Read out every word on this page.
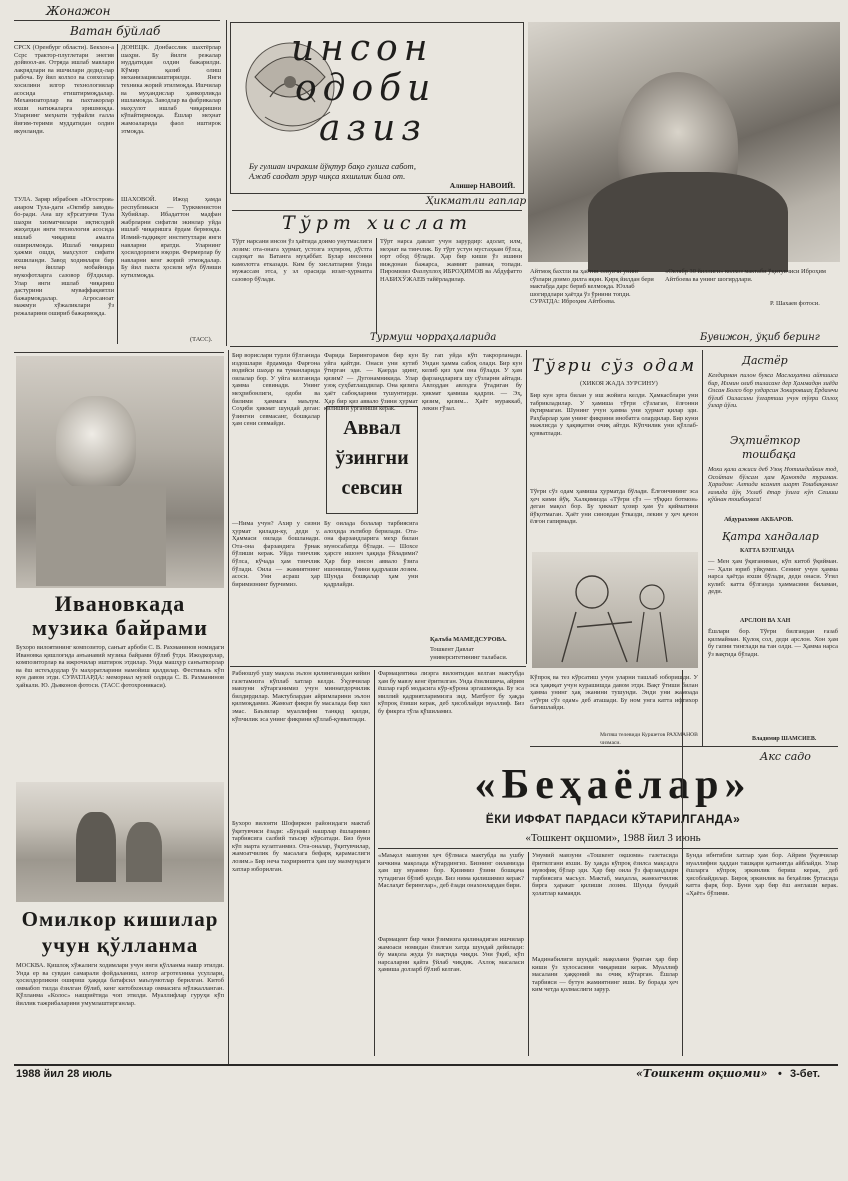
Жонажон
Ватан бўйлаб
СРСХ (Оренбург области). Бекхон-а Ссрс трактор-плуглетари энегив дойвоол-ан. Отряда ишлаб мавлари лакрядлари ва ишчилари дедид-лар рабоча. Бу йил колхоз ва совхозлар хосилини илгор технологиялар асосида етиштирмоқдалар. Механизаторлар ва пахтакорлар яхши натижаларга эришмоқда. Уларнинг меҳнати туфайли ғалла йиғим-терими муддатидан олдин якунланди.
ТУЛА. Заряр ибрабоев «Югостроя» аиаром Тула-даги «Октябр заводи» бо-ради. Ана шу кўрсатувчи Тула шаҳри хизматчилари иқтисодий жиҳатдан янги технология асосида ишлаб чиқариш амалга оширилмоқда. Ишлаб чиқариш ҳажми ошди, маҳсулот сифати яхшиланди. Завод ходимлари бир неча йиллар мобайнида мукофотларга сазовор бўлдилар. Улар янги ишлаб чиқариш дастурини муваффақиятли бажармоқдалар. Агросаноат мажмуи хўжаликлари ўз режаларини ошириб бажармоқда.
ДОНЕЦК. Донбасслик шахтёрлар шаҳри. Бу йилги режалар муддатидан олдин бажарилди. Кўмир қазиб олиш механизациялаштирилди. Янги техника жорий этилмоқда. Ишчилар ва муҳандислар ҳамкорликда ишламоқда. Заводлар ва фабрикалар маҳсулот ишлаб чиқаришни кўпайтирмоқда. Ёшлар меҳнат жамоаларида фаол иштирок этмоқда.
ШАХОВОЙ. Ижод ҳамда республикаси — Туркменистон Хубийлар. Ибадаттон мадфан жабрларни сифатли экинлар уйда ишлаб чиқаришга ёрдам бермоқда. Илмий-тадқиқот институтлари янги навларни яратди. Уларнинг ҳосилдорлиги юқори. Фермерлар бу навларни кенг жорий этмоқдалар. Бу йил пахта ҳосили мўл бўлиши кутилмоқда.
(ТАСС).
инсон
одоби
азиз
Бу гулшан ичраким йўқтур бақо гулига сабот,
Ажаб саодат эрур чиқса яхшилик била от.
Алишер НАВОИЙ.
Ҳикматли гаплар
Тўрт хислат
Тўрт нарсани инсон ўз ҳаётида доимо унутмаслиги лозим: ота-онага ҳурмат, устозга эҳтиром, дўстга садоқат ва Ватанга муҳаббат. Булар инсонни камолотга етказади. Ким бу хислатларни ўзида мужассам этса, у эл орасида иззат-ҳурматга сазовор бўлади.
Тўрт нарса давлат учун зарурдир: адолат, илм, меҳнат ва тинчлик. Бу тўрт устун мустаҳкам бўлса, юрт обод бўлади. Ҳар бир киши ўз ишини виждонан бажарса, жамият равнақ топади. Пиромизиз Фазлуллоҳ ИБРОҲИМОВ ва Абдуфатто НАБИХЎЖАЕВ тайёрладилар.
Турмуш чорраҳаларида
Айтмоқ бахтли ва ҳаётни севувчи унинг сўзлари доимо дилга яқин. Қирқ йилдан бери мактабда дарс бериб келмоқда. Юзлаб шогирдлари ҳаётда ўз ўрнини топди. СУРАТДА: Иброҳим Айтбоева.
«Октябр 30 йиллиги» колхоз мактаби ўқитувчиси Иброҳим Айтбоева ва унинг шогирдлари.
Р. Шахаев фотоси.
Бувижон, ўқиб беринг
Ивановкада
музика байрами
Бухоро вилоятининг композитор, санъат арбоби С. В. Рахманинов номидаги Ивановка қишлоғида анъанавий музика байрами бўлиб ўтди. Ижодкорлар, композиторлар ва ижрочилар иштирок этдилар. Унда машҳур санъаткорлар ва ёш истеъдодлар ўз маҳоратларини намойиш қилдилар. Фестиваль кўп кун давом этди. СУРАТЛАРДА: мемориал музей олдида С. В. Рахманинов ҳайкали. Ю. Дьяконов фотоси. (ТАСС фотохроникаси).
Омилкор кишилар
учун қўлланма
МОСКВА. Қишлоқ хўжалиги ходимлари учун янги қўлланма нашр этилди. Унда ер ва сувдан самарали фойдаланиш, илғор агротехника усуллари, ҳосилдорликни ошириш ҳақида батафсил маълумотлар берилган. Китоб оммабоп тилда ёзилган бўлиб, кенг китобхонлар оммасига мўлжалланган. Қўлланма «Колос» нашриётида чоп этилди. Муаллифлар гуруҳи кўп йиллик тажрибаларини умумлаштирганлар.
Бир ворислари турли бўлганида издошлари ёрдамида Фарғона водийси шаҳар ва туманларида оилалар бор. У уйга келганида ҳамма севинади. Унинг меҳрибонлиги, одоби ва билими ҳаммага маълум. Соҳиби ҳикмат шундай деган: ўзингни севмасанг, бошқалар ҳам сени севмайди.
—Нима учун? Ахир у сизни ҳурмат қилади-ку, деди у. Ҳаммаси оилада бошланади. Ота-она фарзандига ўрнак бўлиши керак. Уйда тинчлик бўлса, кўчада ҳам тинчлик бўлади. Оила — жамиятнинг асоси. Уни асраш ҳар биримизнинг бурчимиз.
Аввал
ўзингни
севсин
Фарида Бирингорамов бир кун уйга қайтди. Онаси уни кутиб ўтирган эди. — Қаерда эдинг, қизим? — Дугонамникида. Улар узоқ суҳбатлашдилар. Она қизига ҳаёт сабоқларини тушунтирди. Ҳар бир қиз аввало ўзини ҳурмат қилишни ўрганиши керак.
Бу оилада болалар тарбиясига алоҳида эътибор берилади. Ота-она фарзандларига меҳр билан муносабатда бўлади. — Шохсе ҳарсге ишонч ҳақида ўйладими? Ҳар бир инсон аввало ўзига ишониши, ўзини қадрлаши лозим. Шунда бошқалар ҳам уни қадрлайди.
Бу гап уйда кўп такрорланади. Ундан ҳамма сабоқ олади. Бир кун келиб қиз ҳам она бўлади. У ҳам фарзандларига шу сўзларни айтади. Авлоддан авлодга ўтадиган бу ҳикмат ҳамиша қадрли. — Эҳ, қизим, қизим... Ҳаёт мураккаб, лекин гўзал.
Қалъба МАМЕДСУРОВА.
Тошкент Давлат университетининг талабаси.
Тўғри сўз одам
(ХИКОЯ ЖАДА ЗУРСИНУ)
Бир кун эрта билан у иш жойига келди. Ҳамкасблари уни табрикладилар. У ҳамиша тўғри сўзлаган, ёлғонни ёқтирмаган. Шунинг учун ҳамма уни ҳурмат қилар эди. Раҳбарлар ҳам унинг фикрини инобатга олардилар. Бир куни мажлисда у ҳақиқатни очиқ айтди. Кўпчилик уни қўллаб-қувватлади.
Тўғри сўз одам ҳамиша ҳурматда бўлади. Ёлғончининг эса ҳеч кими йўқ. Халқимизда «Тўғри сўз — тўққиз ботмон» деган мақол бор. Бу ҳикмат ҳозир ҳам ўз қийматини йўқотмаган. Ҳаёт уни синовдан ўтказди, лекин у ҳеч қачон ёлғон гапирмади.
Кўпроқ ва тез кўрсатиш учун уларни ташлаб юборишди. У эса ҳақиқат учун курашишда давом этди. Вақт ўтиши билан ҳамма унинг ҳақ эканини тушунди. Энди уни жамоада «тўғри сўз одам» деб аташади. Бу ном унга катта ифтихор бағишлайди.
Митяш телевиди Куршетов РАХМАНОВ чизмаси.
Дастёр
Келдирман пилон букса Маслаҳатни айтишса бир, Илмин олиб тиласанг дер Ҳаммадан зиёда Олсан Болсо бор уздарсин Зокировшаҳ Ёрдамчи бўлиб Оиласини ўзгартиш учун тўғри Оллоҳ ўзлар йўли.
Эҳтиёткор
тошбақа
Мохи қали ажиси деб Узоқ Нотишдайкин тод, Осойтан бўлсам ҳам Қанотда тураман. Ҳаридом: Алтида ксанит шарт Тошбақанинг ғамида йўқ Ухлаб ётар ўзига кўп Сешиш қўйнан тошбақаси!
Абдурахмон АКБАРОВ.
Қатра хандалар
КАТТА БУЛГАНДА
— Мен ҳам ўқиганиман, кўп китоб ўқийман. — Ҳали юриб уйқумиз. Сенинг учун ҳамма нарса ҳаётда яхши бўлади, деди онаси. Ўғил кулиб: катта бўлганда ҳаммасини биламан, деди.
АРСЛОН ВА ХАН
Ёшлари бор. Тўғри билгандан ғазаб қилмайман. Қулоқ сол, деди арслон. Хон ҳам бу гапни тинглади ва тан олди. — Ҳамма нарса ўз вақтида бўлади.
Владимир ШАМСИЕВ.
Рабиошуб ушу мақола эълон қилинганидан кейин газетамизга кўплаб хатлар келди. Ўқувчилар мавзуни кўтарганимиз учун миннатдорчилик билдирдилар. Мактублардан айримларини эълон қилмоқдамиз. Жамоат фикри бу масалада бир хил эмас. Баъзилар муаллифни танқид қилди, кўпчилик эса унинг фикрини қўллаб-қувватлади.
Бухоро вилояти Шофиркон районидаги мактаб ўқитувчиси ёзади: «Бундай нашрлар ёшларимиз тарбиясига салбий таъсир кўрсатади. Биз буни кўп марта кузатганмиз. Ота-оналар, ўқитувчилар, жамоатчилик бу масалага бефарқ қарамаслиги лозим.» Бир неча таҳририятга ҳам шу мазмундаги хатлар юборилган.
Фармацевтика лиэрга вилоятидан келган мактубда ҳам бу мавзу кенг ёритилган. Унда ёзилишича, айрим ёшлар ғарб модасига кўр-кўрона эргашмоқда. Бу эса миллий қадриятларимизга зид. Матбуот бу ҳақда кўпроқ ёзиши керак, деб ҳисоблайди муаллиф. Биз бу фикрга тўла қўшиламиз.
Акс садо
«Беҳаёлар»
ЁКИ ИФФАТ ПАРДАСИ КЎТАРИЛГАНДА»
«Тошкент оқшоми», 1988 йил 3 июнь
«Маъқол мавзуни ҳеч бўлмаса мактубда ва ушбу кичкина мақолада кўтардингиз. Бизнинг оиламизда ҳам шу муаммо бор. Қизимиз ўзини бошқача тутадиган бўлиб қолди. Биз нима қилишимиз керак? Маслаҳат беринглар», деб ёзади онахонлардан бири.
Фармацевт бир чеки ўзимизга қилинадиган ишчилар жамоаси номидан ёзилган хатда шундай дейилади: бу мақола жуда ўз вақтида чиқди. Уни ўқиб, кўп нарсаларни қайта ўйлаб чиқдик. Ахлоқ масаласи ҳамиша долзарб бўлиб келган.
Умумий мавзуни «Тошкент оқшоми» газетасида ёритилгани яхши. Бу ҳақда кўпроқ ёзилса мақсадга мувофиқ бўлар эди. Ҳар бир оила ўз фарзандлари тарбиясига масъул. Мактаб, маҳалла, жамоатчилик бирга ҳаракат қилиши лозим. Шунда бундай ҳолатлар камаяди.
Мадинабилиги шундай: мақолани ўқиган ҳар бир киши ўз хулосасини чиқариши керак. Муаллиф масалани ҳаққоний ва очиқ кўтарган. Ёшлар тарбияси — бутун жамиятнинг иши. Бу борада ҳеч ким четда қолмаслиги зарур.
Бунда ибнтибли хатлар ҳам бор. Айрим ўқувчилар муаллифни ҳаддан ташқари қатъиятда айблайди. Улар ёшларга кўпроқ эркинлик бериш керак, деб ҳисоблайдилар. Бироқ эркинлик ва беҳаёлик ўртасида катта фарқ бор. Буни ҳар бир ёш англаши керак. «Ҳаёт» бўлими.
1988 йил 28 июль	«Тошкент оқшоми» 3-бет.
•
